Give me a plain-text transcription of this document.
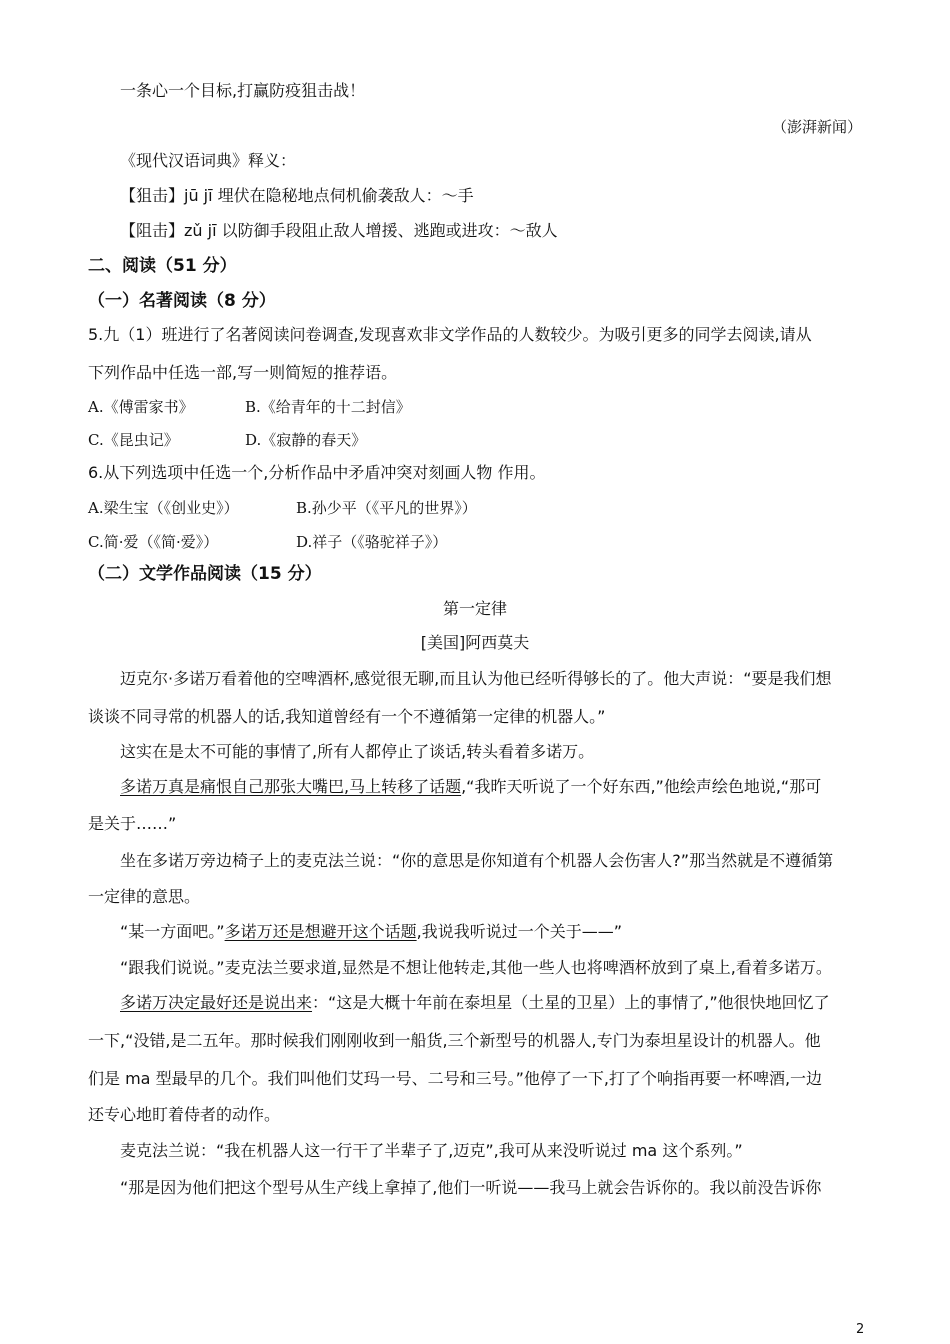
一条心一个目标,打赢防疫狙击战！
（澎湃新闻）
《现代汉语词典》释义：
【狙击】jū jī 埋伏在隐秘地点伺机偷袭敌人：～手
【阻击】zǔ jī 以防御手段阻止敌人增援、逃跑或进攻：～敌人
二、阅读（51 分）
（一）名著阅读（8 分）
5.九（1）班进行了名著阅读问卷调查,发现喜欢非文学作品的人数较少。为吸引更多的同学去阅读,请从
下列作品中任选一部,写一则简短的推荐语。
A.《傅雷家书》	B.《给青年的十二封信》
C.《昆虫记》	D.《寂静的春天》
6.从下列选项中任选一个,分析作品中矛盾冲突对刻画人物 作用。
A.梁生宝（《创业史》）	B.孙少平（《平凡的世界》）
C.简·爱（《简·爱》）	D.祥子（《骆驼祥子》）
（二）文学作品阅读（15 分）
第一定律
[美国]阿西莫夫
迈克尔·多诺万看着他的空啤酒杯,感觉很无聊,而且认为他已经听得够长的了。他大声说：“要是我们想
谈谈不同寻常的机器人的话,我知道曾经有一个不遵循第一定律的机器人。”
这实在是太不可能的事情了,所有人都停止了谈话,转头看着多诺万。
多诺万真是痛恨自己那张大嘴巴,马上转移了话题,“我昨天听说了一个好东西,”他绘声绘色地说,“那可
是关于……”
坐在多诺万旁边椅子上的麦克法兰说：“你的意思是你知道有个机器人会伤害人?”那当然就是不遵循第
一定律的意思。
“某一方面吧。”多诺万还是想避开这个话题,我说我听说过一个关于——”
“跟我们说说。”麦克法兰要求道,显然是不想让他转走,其他一些人也将啤酒杯放到了桌上,看着多诺万。
多诺万决定最好还是说出来：“这是大概十年前在泰坦星（土星的卫星）上的事情了,”他很快地回忆了
一下,“没错,是二五年。那时候我们刚刚收到一船货,三个新型号的机器人,专门为泰坦星设计的机器人。他
们是 ma 型最早的几个。我们叫他们艾玛一号、二号和三号。”他停了一下,打了个响指再要一杯啤酒,一边
还专心地盯着侍者的动作。
麦克法兰说：“我在机器人这一行干了半辈子了,迈克”,我可从来没听说过 ma 这个系列。”
“那是因为他们把这个型号从生产线上拿掉了,他们一听说——我马上就会告诉你的。我以前没告诉你
2
